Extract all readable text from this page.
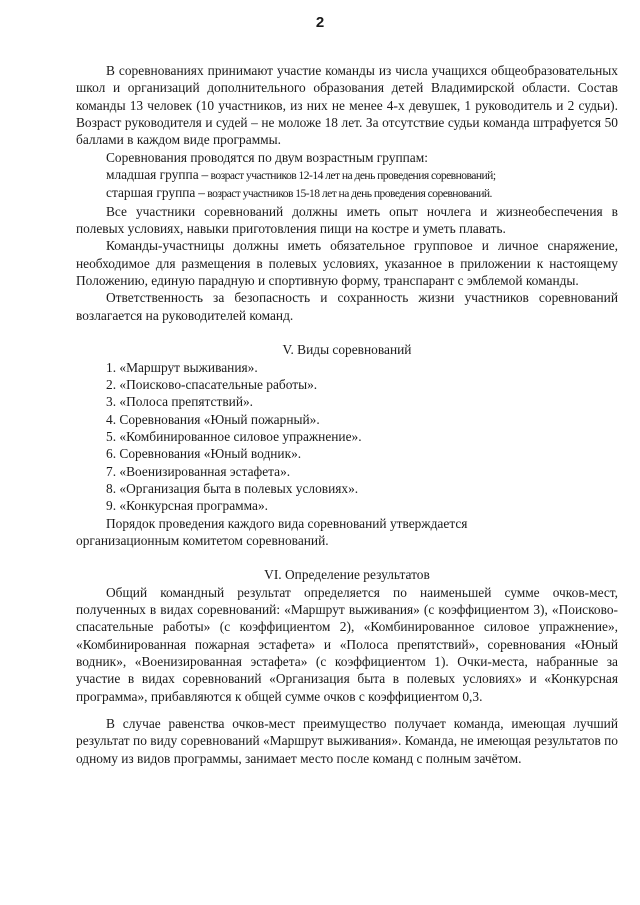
2

В соревнованиях принимают участие команды из числа учащихся общеобразовательных школ и организаций дополнительного образования детей Владимирской области. Состав команды 13 человек (10 участников, из них не менее 4-х девушек, 1 руководитель и 2 судьи). Возраст руководителя и судей – не моложе 18 лет. За отсутствие судьи команда штрафуется 50 баллами в каждом виде программы.

Соревнования проводятся по двум возрастным группам:

младшая группа – возраст участников 12-14 лет на день проведения соревнований;

старшая группа – возраст участников 15-18 лет на день проведения соревнований.

Все участники соревнований должны иметь опыт ночлега и жизнеобеспечения в полевых условиях, навыки приготовления пищи на костре и уметь плавать.

Команды-участницы должны иметь обязательное групповое и личное снаряжение, необходимое для размещения в полевых условиях, указанное в приложении к настоящему Положению, единую парадную и спортивную форму, транспарант с эмблемой команды.

Ответственность за безопасность и сохранность жизни участников соревнований возлагается на руководителей команд.

V. Виды соревнований

1. «Маршрут выживания».
2. «Поисково-спасательные работы».
3. «Полоса препятствий».
4. Соревнования «Юный пожарный».
5. «Комбинированное силовое упражнение».
6. Соревнования «Юный водник».
7. «Военизированная эстафета».
8. «Организация быта в полевых условиях».
9. «Конкурсная программа».

Порядок проведения каждого вида соревнований утверждается

организационным комитетом соревнований.

VI. Определение результатов

Общий командный результат определяется по наименьшей сумме очков-мест, полученных в видах соревнований: «Маршрут выживания» (с коэффициентом 3), «Поисково-спасательные работы» (с коэффициентом 2), «Комбинированное силовое упражнение», «Комбинированная пожарная эстафета» и «Полоса препятствий», соревнования «Юный водник», «Военизированная эстафета» (с коэффициентом 1). Очки-места, набранные за участие в видах соревнований «Организация быта в полевых условиях» и «Конкурсная программа», прибавляются к общей сумме очков с коэффициентом 0,3.

В случае равенства очков-мест преимущество получает команда, имеющая лучший результат по виду соревнований «Маршрут выживания». Команда, не имеющая результатов по одному из видов программы, занимает место после команд с полным зачётом.
